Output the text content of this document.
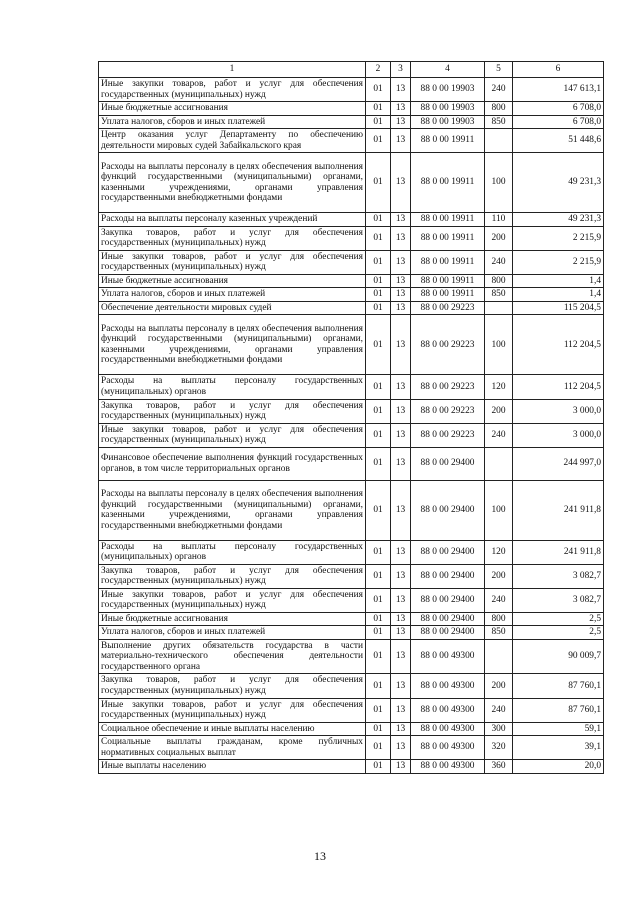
1	2	3	4	5	6
Иные закупки товаров, работ и услуг для обеспечения государственных (муниципальных) нужд	01	13	88 0 00 19903	240	147 613,1
Иные бюджетные ассигнования	01	13	88 0 00 19903	800	6 708,0
Уплата налогов, сборов и иных платежей	01	13	88 0 00 19903	850	6 708,0
Центр оказания услуг Департаменту по обеспечению деятельности мировых судей Забайкальского края	01	13	88 0 00 19911		51 448,6
Расходы на выплаты персоналу в целях обеспечения выполнения функций государственными (муниципальными) органами, казенными учреждениями, органами управления государственными внебюджетными фондами	01	13	88 0 00 19911	100	49 231,3
Расходы на выплаты персоналу казенных учреждений	01	13	88 0 00 19911	110	49 231,3
Закупка товаров, работ и услуг для обеспечения государственных (муниципальных) нужд	01	13	88 0 00 19911	200	2 215,9
Иные закупки товаров, работ и услуг для обеспечения государственных (муниципальных) нужд	01	13	88 0 00 19911	240	2 215,9
Иные бюджетные ассигнования	01	13	88 0 00 19911	800	1,4
Уплата налогов, сборов и иных платежей	01	13	88 0 00 19911	850	1,4
Обеспечение деятельности мировых судей	01	13	88 0 00 29223		115 204,5
Расходы на выплаты персоналу в целях обеспечения выполнения функций государственными (муниципальными) органами, казенными учреждениями, органами управления государственными внебюджетными фондами	01	13	88 0 00 29223	100	112 204,5
Расходы на выплаты персоналу государственных (муниципальных) органов	01	13	88 0 00 29223	120	112 204,5
Закупка товаров, работ и услуг для обеспечения государственных (муниципальных) нужд	01	13	88 0 00 29223	200	3 000,0
Иные закупки товаров, работ и услуг для обеспечения государственных (муниципальных) нужд	01	13	88 0 00 29223	240	3 000,0
Финансовое обеспечение выполнения функций государственных органов, в том числе территориальных органов	01	13	88 0 00 29400		244 997,0
Расходы на выплаты персоналу в целях обеспечения выполнения функций государственными (муниципальными) органами, казенными учреждениями, органами управления государственными внебюджетными фондами	01	13	88 0 00 29400	100	241 911,8
Расходы на выплаты персоналу государственных (муниципальных) органов	01	13	88 0 00 29400	120	241 911,8
Закупка товаров, работ и услуг для обеспечения государственных (муниципальных) нужд	01	13	88 0 00 29400	200	3 082,7
Иные закупки товаров, работ и услуг для обеспечения государственных (муниципальных) нужд	01	13	88 0 00 29400	240	3 082,7
Иные бюджетные ассигнования	01	13	88 0 00 29400	800	2,5
Уплата налогов, сборов и иных платежей	01	13	88 0 00 29400	850	2,5
Выполнение других обязательств государства в части материально-технического обеспечения деятельности государственного органа	01	13	88 0 00 49300		90 009,7
Закупка товаров, работ и услуг для обеспечения государственных (муниципальных) нужд	01	13	88 0 00 49300	200	87 760,1
Иные закупки товаров, работ и услуг для обеспечения государственных (муниципальных) нужд	01	13	88 0 00 49300	240	87 760,1
Социальное обеспечение и иные выплаты населению	01	13	88 0 00 49300	300	59,1
Социальные выплаты гражданам, кроме публичных нормативных социальных выплат	01	13	88 0 00 49300	320	39,1
Иные выплаты населению	01	13	88 0 00 49300	360	20,0
13
